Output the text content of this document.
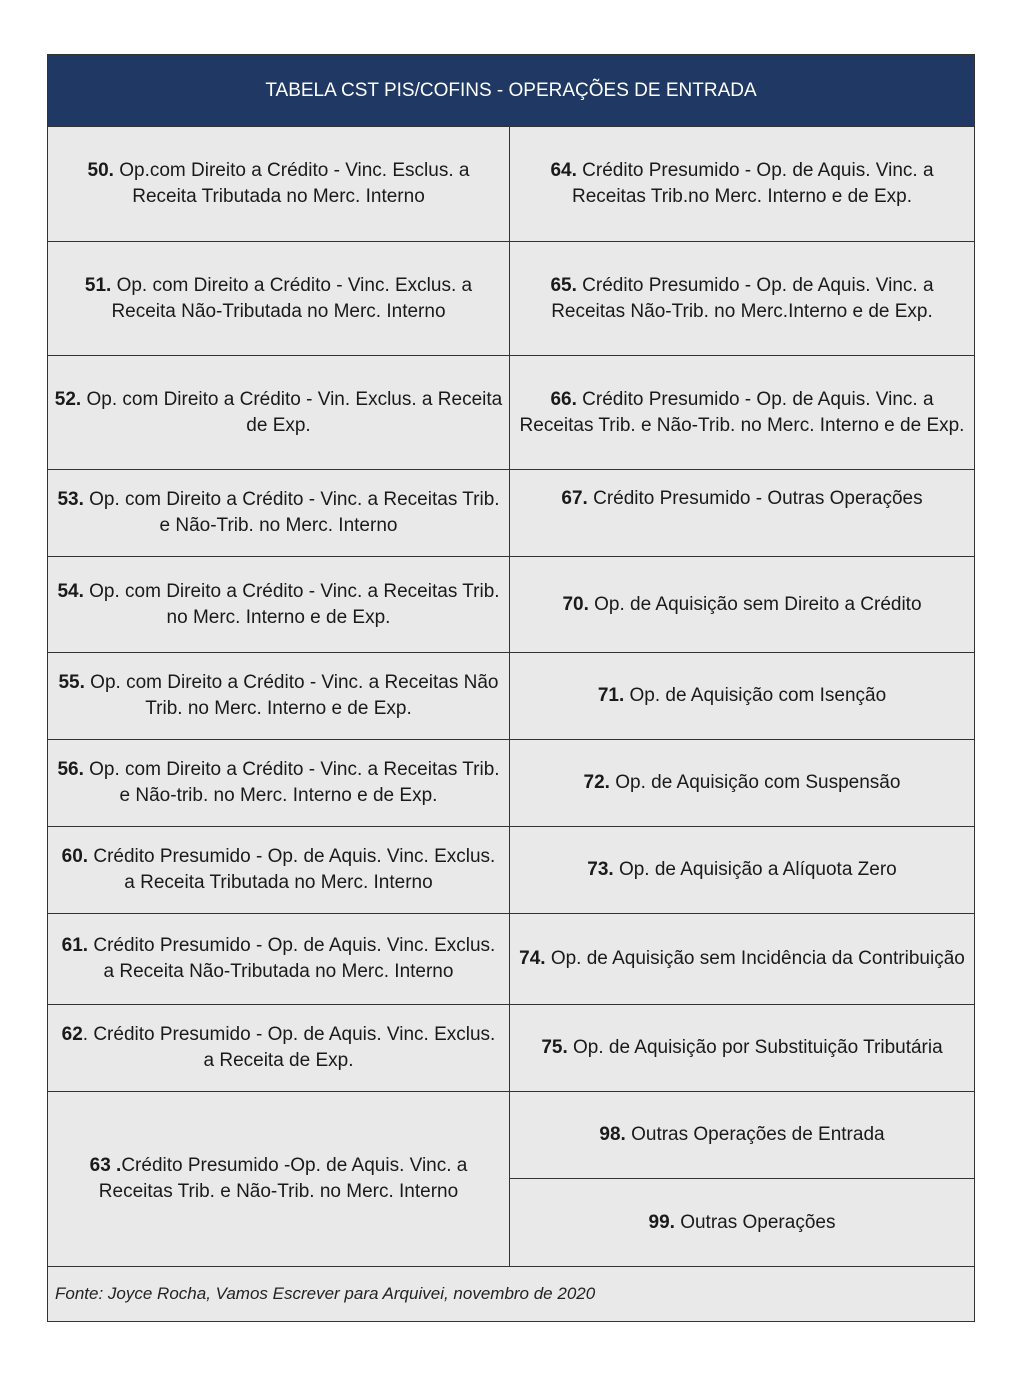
TABELA CST PIS/COFINS - OPERAÇÕES DE ENTRADA
50. Op.com Direito a Crédito - Vinc. Esclus. a Receita Tributada no Merc. Interno
51. Op. com Direito a Crédito - Vinc. Exclus. a Receita Não-Tributada no Merc. Interno
52. Op. com Direito a Crédito - Vin. Exclus. a Receita de Exp.
53. Op. com Direito a Crédito - Vinc. a Receitas Trib. e Não-Trib. no Merc. Interno
54. Op. com Direito a Crédito - Vinc. a Receitas Trib. no Merc. Interno e de Exp.
55. Op. com Direito a Crédito - Vinc. a Receitas Não Trib. no Merc. Interno e de Exp.
56. Op. com Direito a Crédito - Vinc. a Receitas Trib. e Não-trib. no Merc. Interno e de Exp.
60. Crédito Presumido - Op. de Aquis. Vinc. Exclus. a Receita Tributada no Merc. Interno
61. Crédito Presumido - Op. de Aquis. Vinc. Exclus. a Receita Não-Tributada no Merc. Interno
62. Crédito Presumido - Op. de Aquis. Vinc. Exclus. a Receita de Exp.
63 .Crédito Presumido -Op. de Aquis. Vinc. a Receitas Trib. e Não-Trib. no Merc. Interno
64. Crédito Presumido - Op. de Aquis. Vinc. a Receitas Trib.no Merc. Interno e de Exp.
65. Crédito Presumido - Op. de Aquis. Vinc. a Receitas Não-Trib. no Merc.Interno e de Exp.
66. Crédito Presumido - Op. de Aquis. Vinc. a Receitas Trib. e Não-Trib. no Merc. Interno e de Exp.
67. Crédito Presumido - Outras Operações
70. Op. de Aquisição sem Direito a Crédito
71. Op. de Aquisição com Isenção
72. Op. de Aquisição com Suspensão
73. Op. de Aquisição a Alíquota Zero
74. Op. de Aquisição sem Incidência da Contribuição
75. Op. de Aquisição por Substituição Tributária
98. Outras Operações de Entrada
99. Outras Operações
Fonte: Joyce Rocha, Vamos Escrever para Arquivei, novembro de 2020
